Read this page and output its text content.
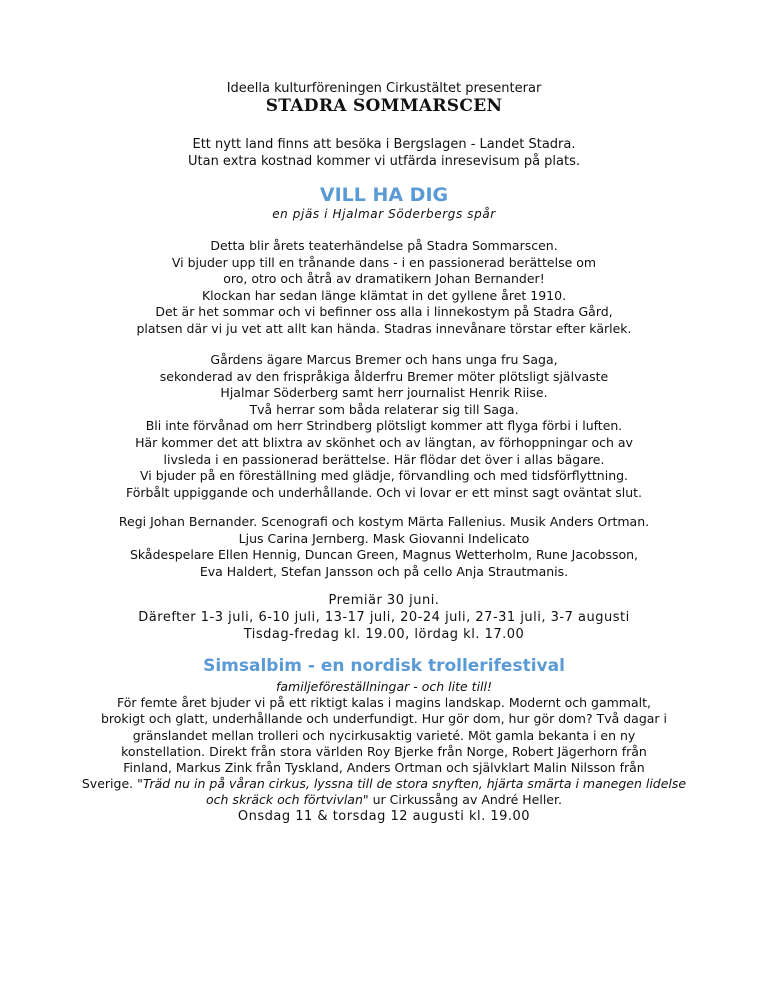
Ideella kulturföreningen Cirkustältet presenterar
STADRA SOMMARSCEN
Ett nytt land finns att besöka i Bergslagen - Landet Stadra.
Utan extra kostnad kommer vi utfärda inresevisum på plats.
VILL HA DIG
en pjäs i Hjalmar Söderbergs spår
Detta blir årets teaterhändelse på Stadra Sommarscen.
Vi bjuder upp till en trånande dans - i en passionerad berättelse om
oro, otro och åtrå av dramatikern Johan Bernander!
Klockan har sedan länge klämtat in det gyllene året 1910.
Det är het sommar och vi befinner oss alla i linnekostym på Stadra Gård,
platsen där vi ju vet att allt kan hända. Stadras innevånare törstar efter kärlek.
Gårdens ägare Marcus Bremer och hans unga fru Saga,
sekonderad av den frispråkiga ålderfru Bremer möter plötsligt självaste
Hjalmar Söderberg samt herr journalist Henrik Riise.
Två herrar som båda relaterar sig till Saga.
Bli inte förvånad om herr Strindberg plötsligt kommer att flyga förbi i luften.
Här kommer det att blixtra av skönhet och av längtan, av förhoppningar och av
livsleda i en passionerad berättelse. Här flödar det över i allas bägare.
Vi bjuder på en föreställning med glädje, förvandling och med tidsförflyttning.
Förbålt uppiggande och underhållande. Och vi lovar er ett minst sagt oväntat slut.
Regi Johan Bernander. Scenografi och kostym Märta Fallenius. Musik Anders Ortman.
Ljus Carina Jernberg. Mask Giovanni Indelicato
Skådespelare Ellen Hennig, Duncan Green, Magnus Wetterholm, Rune Jacobsson,
Eva Haldert, Stefan Jansson och på cello Anja Strautmanis.
Premiär 30 juni.
Därefter 1-3 juli, 6-10 juli, 13-17 juli, 20-24 juli, 27-31 juli, 3-7 augusti
Tisdag-fredag kl. 19.00, lördag kl. 17.00
Simsalbim - en nordisk trollerifestival
familjeföreställningar - och lite till!
För femte året bjuder vi på ett riktigt kalas i magins landskap. Modernt och gammalt,
brokigt och glatt, underhållande och underfundigt. Hur gör dom, hur gör dom? Två dagar i
gränslandet mellan trolleri och nycirkusaktig varieté. Möt gamla bekanta i en ny
konstellation. Direkt från stora världen Roy Bjerke från Norge, Robert Jägerhorn från
Finland, Markus Zink från Tyskland, Anders Ortman och självklart Malin Nilsson från
Sverige. "Träd nu in på våran cirkus, lyssna till de stora snyften, hjärta smärta i manegen lidelse
och skräck och förtvivlan" ur Cirkussång av André Heller.
Onsdag 11 & torsdag 12 augusti kl. 19.00
